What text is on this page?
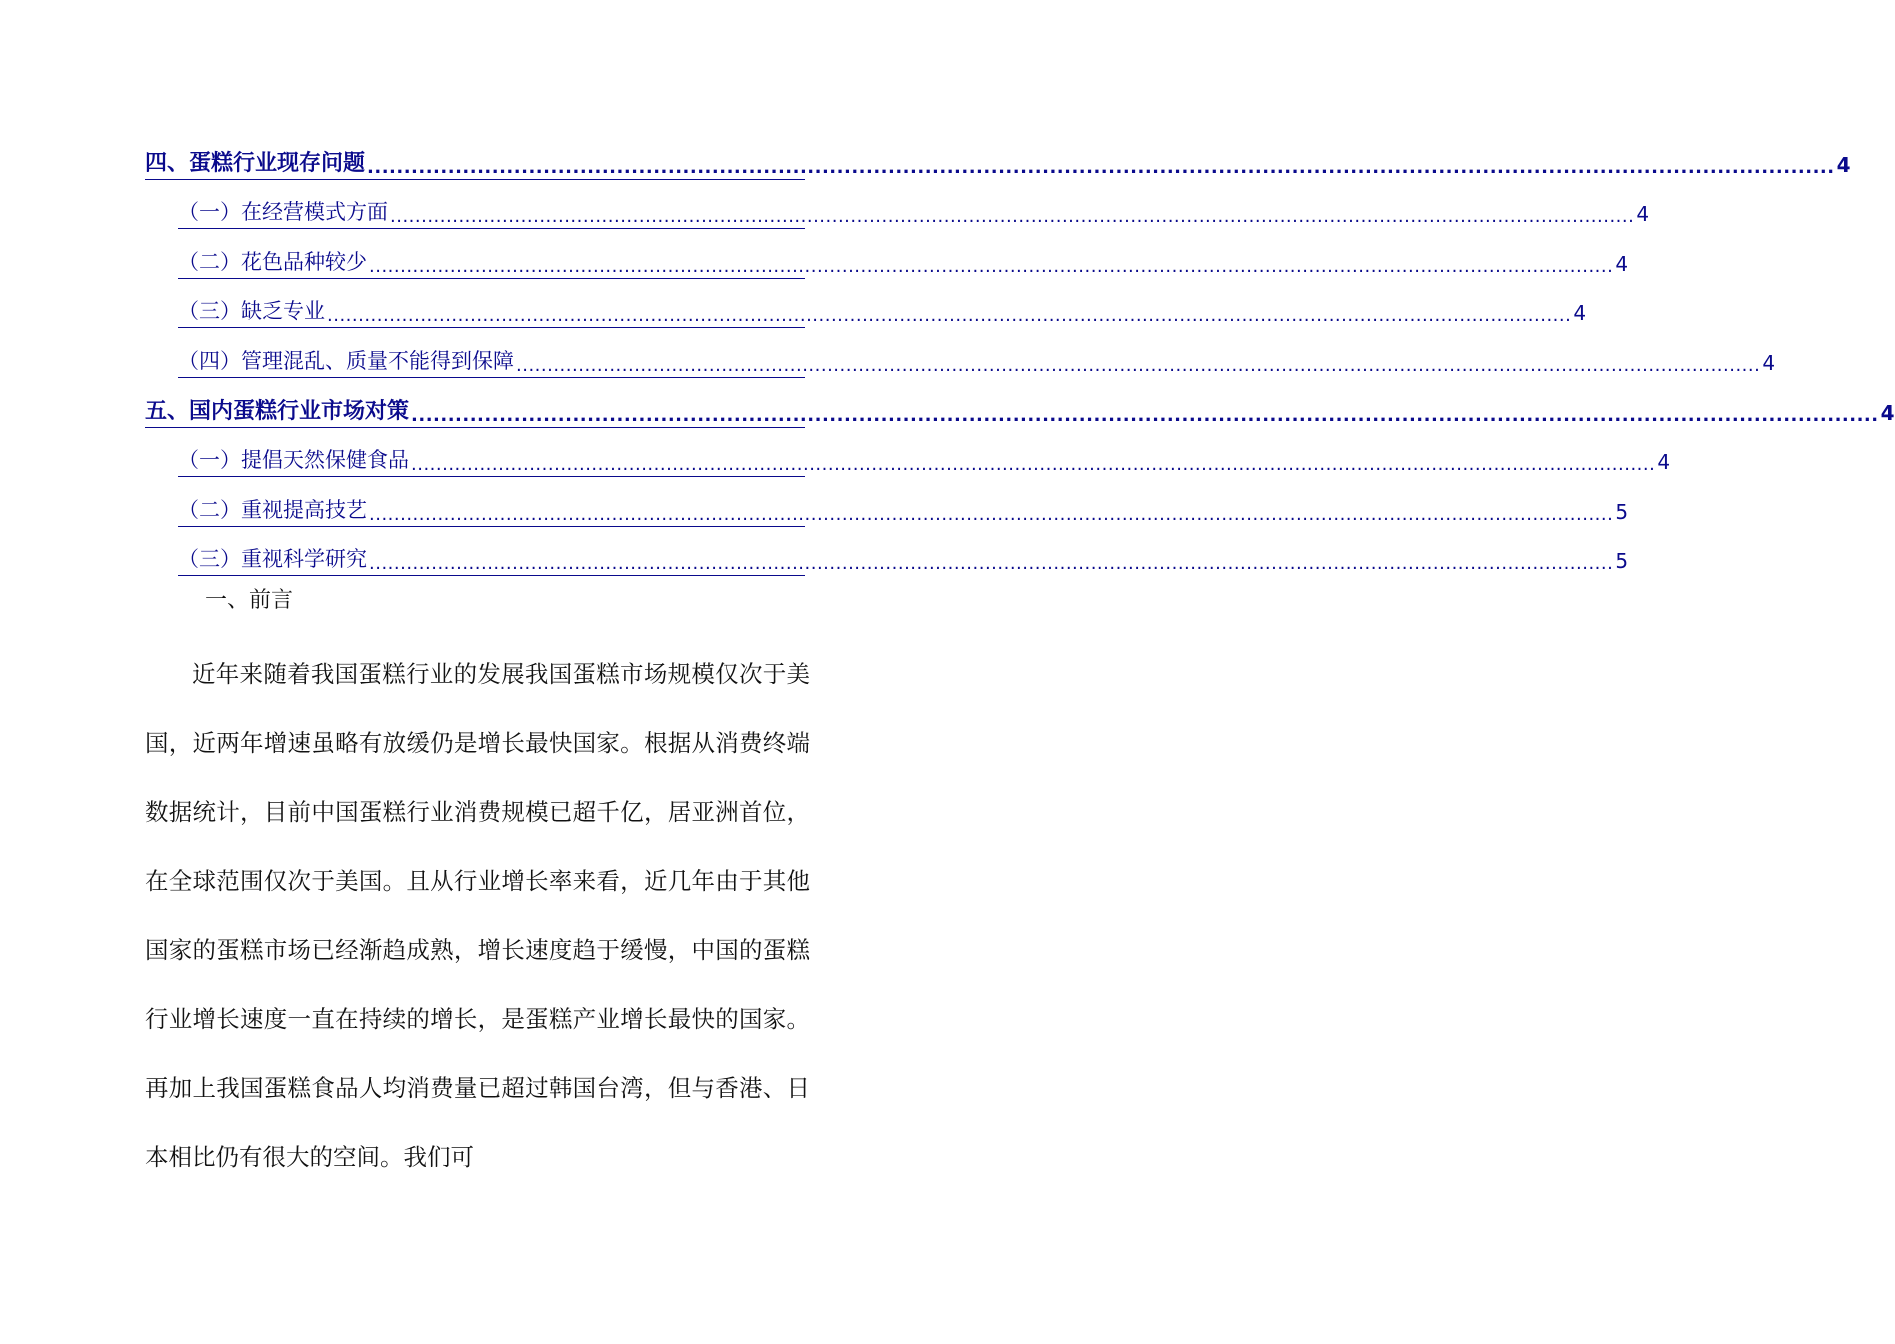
四、蛋糕行业现存问题 ........................................................................................................................................................................................................ 4
（一）在经营模式方面 ........................................................................................................................................................................................................ 4
（二）花色品种较少 ........................................................................................................................................................................................................ 4
（三）缺乏专业 ........................................................................................................................................................................................................ 4
（四）管理混乱、质量不能得到保障 ........................................................................................................................................................................................................ 4
五、国内蛋糕行业市场对策 ........................................................................................................................................................................................................ 4
（一）提倡天然保健食品 ........................................................................................................................................................................................................ 4
（二）重视提高技艺 ........................................................................................................................................................................................................ 5
（三）重视科学研究 ........................................................................................................................................................................................................ 5
一、前言

近年来随着我国蛋糕行业的发展我国蛋糕市场规模仅次于美国，近两年增速虽略有放缓仍是增长最快国家。根据从消费终端数据统计，目前中国蛋糕行业消费规模已超千亿，居亚洲首位，在全球范围仅次于美国。且从行业增长率来看，近几年由于其他国家的蛋糕市场已经渐趋成熟，增长速度趋于缓慢，中国的蛋糕行业增长速度一直在持续的增长，是蛋糕产业增长最快的国家。再加上我国蛋糕食品人均消费量已超过韩国台湾，但与香港、日本相比仍有很大的空间。我们可
